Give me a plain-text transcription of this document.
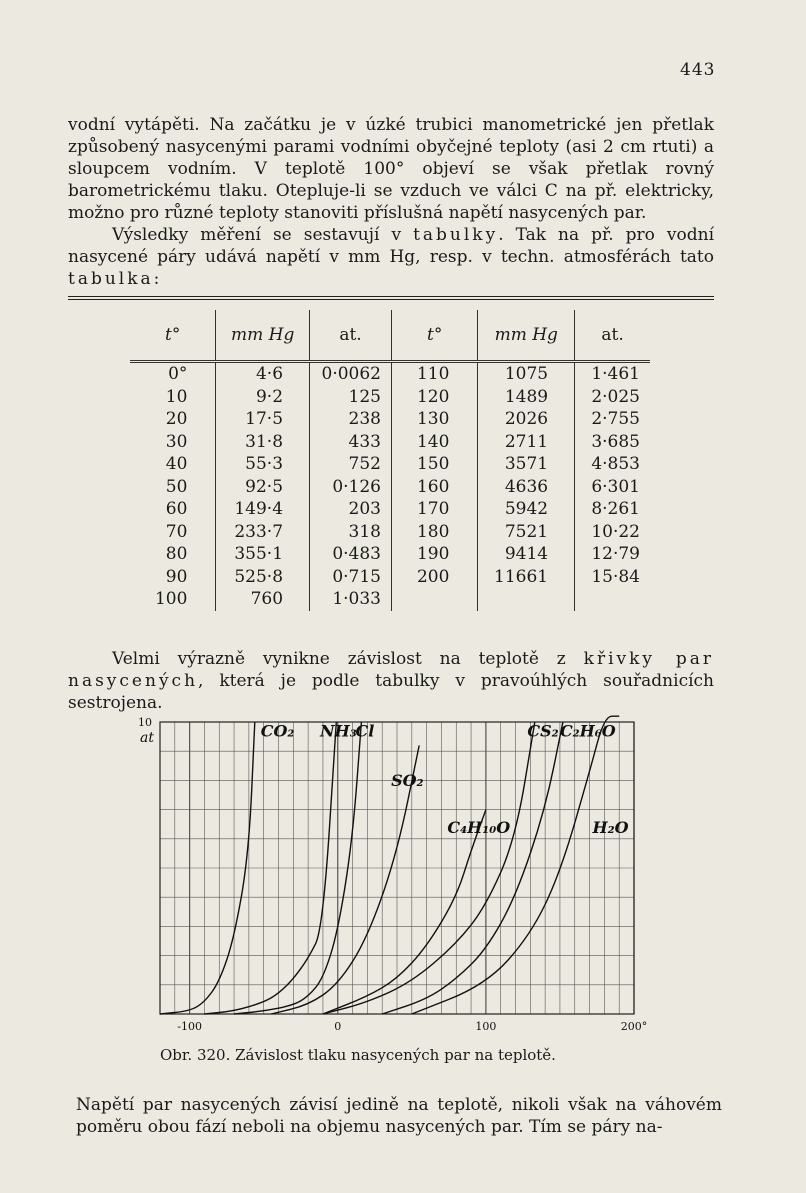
443
vodní vytápěti. Na začátku je v úzké trubici manometrické jen přetlak způsobený nasycenými parami vodními obyčejné teploty (asi 2 cm rtuti) a sloupcem vodním. V teplotě 100° objeví se však přetlak rovný barometrickému tlaku. Otepluje-li se vzduch ve válci C na př. elektricky, možno pro různé teploty stanoviti příslušná napětí nasycených par.
Výsledky měření se sestavují v tabulky. Tak na př. pro vodní nasycené páry udává napětí v mm Hg, resp. v techn. atmosférách tato tabulka:
t°	mm Hg	at.	t°	mm Hg	at.
0°	4·6	0·0062	110	1075	1·461
10	9·2	125	120	1489	2·025
20	17·5	238	130	2026	2·755
30	31·8	433	140	2711	3·685
40	55·3	752	150	3571	4·853
50	92·5	0·126	160	4636	6·301
60	149·4	203	170	5942	8·261
70	233·7	318	180	7521	10·22
80	355·1	0·483	190	9414	12·79
90	525·8	0·715	200	11661	15·84
100	760	1·033			
Velmi výrazně vynikne závislost na teplotě z křivky par nasycených, která je podle tabulky v pravoúhlých souřadnicích sestrojena.
CO₂ NH₃
Cl
SO₂
C₄H₁₀O
CS₂ C₂H₆O
H₂O
-100	0	100	200°
10
at
Obr. 320. Závislost tlaku nasycených par na teplotě.
Napětí par nasycených závisí jedině na teplotě, nikoli však na váhovém poměru obou fází neboli na objemu nasycených par. Tím se páry na-
